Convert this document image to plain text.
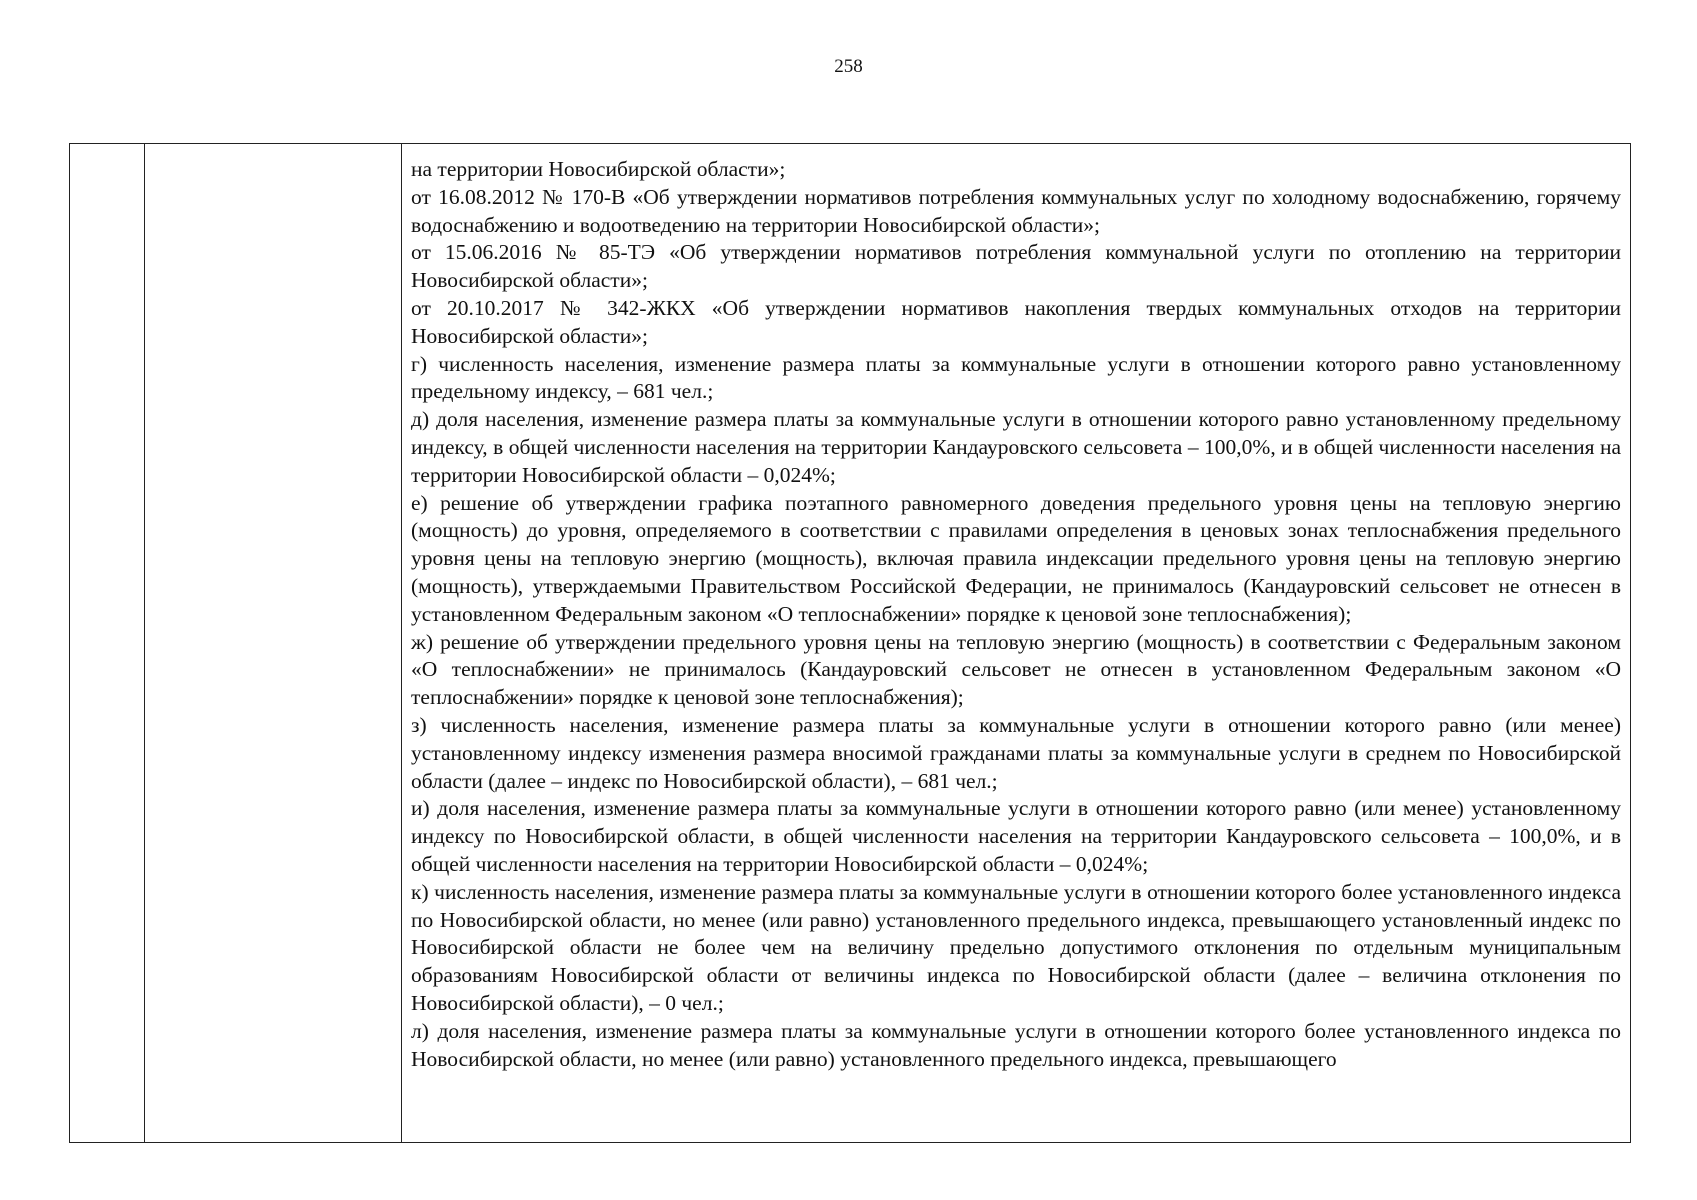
258

на территории Новосибирской области»;

от 16.08.2012 № 170-В «Об утверждении нормативов потребления коммунальных услуг по холодному водоснабжению, горячему водоснабжению и водоотведению на территории Новосибирской области»;

от 15.06.2016 № 85-ТЭ «Об утверждении нормативов потребления коммунальной услуги по отоплению на территории Новосибирской области»;

от 20.10.2017 № 342-ЖКХ «Об утверждении нормативов накопления твердых коммунальных отходов на территории Новосибирской области»;

г) численность населения, изменение размера платы за коммунальные услуги в отношении которого равно установленному предельному индексу, – 681 чел.;

д) доля населения, изменение размера платы за коммунальные услуги в отношении которого равно установленному предельному индексу, в общей численности населения на территории Кандауровского сельсовета – 100,0%, и в общей численности населения на территории Новосибирской области – 0,024%;

е) решение об утверждении графика поэтапного равномерного доведения предельного уровня цены на тепловую энергию (мощность) до уровня, определяемого в соответствии с правилами определения в ценовых зонах теплоснабжения предельного уровня цены на тепловую энергию (мощность), включая правила индексации предельного уровня цены на тепловую энергию (мощность), утверждаемыми Правительством Российской Федерации, не принималось (Кандауровский сельсовет не отнесен в установленном Федеральным законом «О теплоснабжении» порядке к ценовой зоне теплоснабжения);

ж) решение об утверждении предельного уровня цены на тепловую энергию (мощность) в соответствии с Федеральным законом «О теплоснабжении» не принималось (Кандауровский сельсовет не отнесен в установленном Федеральным законом «О теплоснабжении» порядке к ценовой зоне теплоснабжения);

з) численность населения, изменение размера платы за коммунальные услуги в отношении которого равно (или менее) установленному индексу изменения размера вносимой гражданами платы за коммунальные услуги в среднем по Новосибирской области (далее – индекс по Новосибирской области), – 681 чел.;

и) доля населения, изменение размера платы за коммунальные услуги в отношении которого равно (или менее) установленному индексу по Новосибирской области, в общей численности населения на территории Кандауровского сельсовета – 100,0%, и в общей численности населения на территории Новосибирской области – 0,024%;

к) численность населения, изменение размера платы за коммунальные услуги в отношении которого более установленного индекса по Новосибирской области, но менее (или равно) установленного предельного индекса, превышающего установленный индекс по Новосибирской области не более чем на величину предельно допустимого отклонения по отдельным муниципальным образованиям Новосибирской области от величины индекса по Новосибирской области (далее – величина отклонения по Новосибирской области), – 0 чел.;

л) доля населения, изменение размера платы за коммунальные услуги в отношении которого более установленного индекса по Новосибирской области, но менее (или равно) установленного предельного индекса, превышающего
